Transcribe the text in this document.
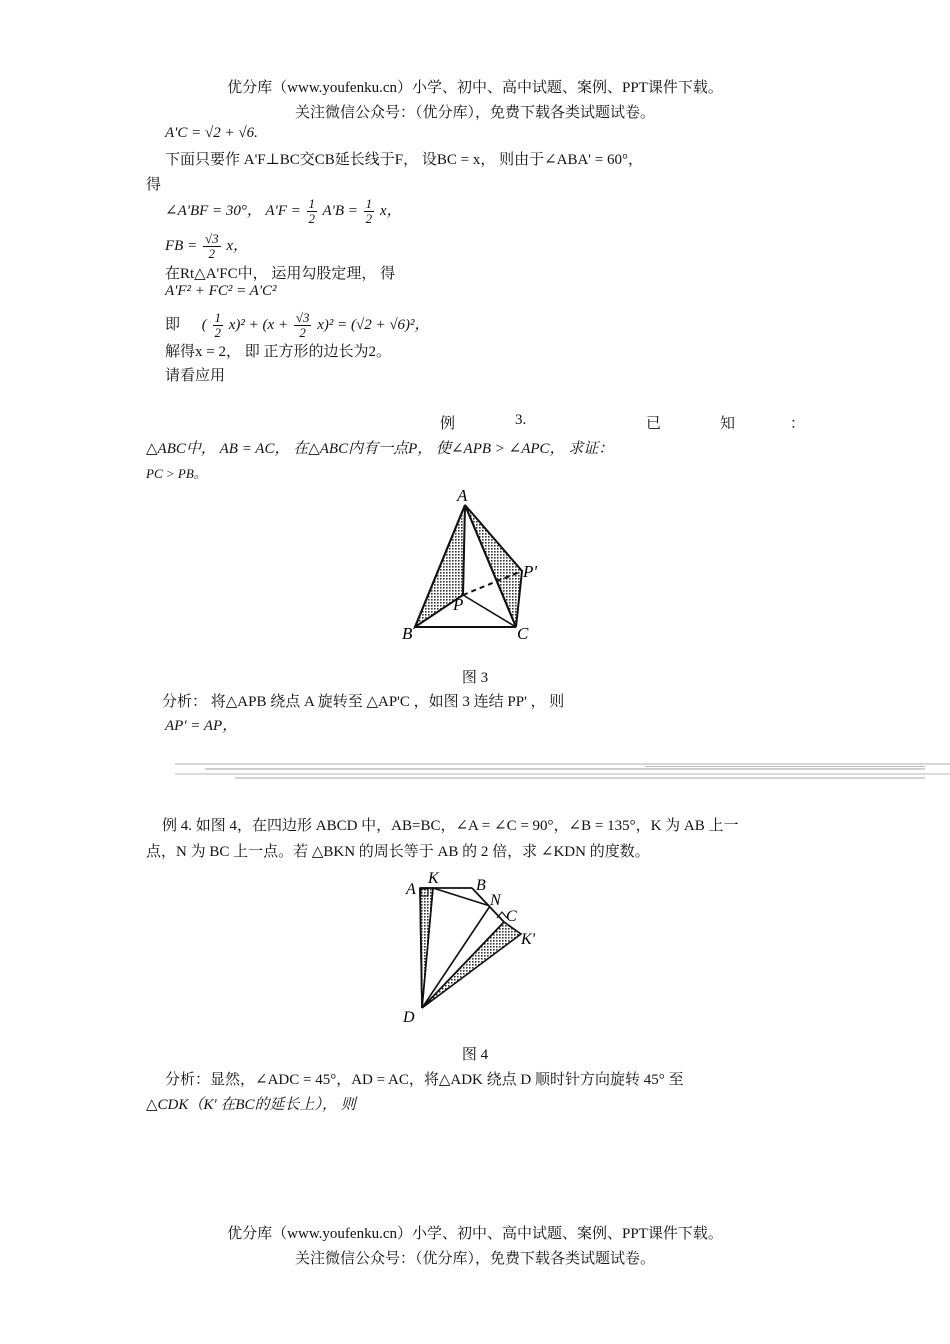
优分库（www.youfenku.cn）小学、初中、高中试题、案例、PPT课件下载。
关注微信公众号：（优分库），免费下载各类试题试卷。
A'C = √2 + √6.
下面只要作 A'F⊥BC交CB延长线于F， 设BC = x， 则由于∠ABA' = 60°，
得
∠A'BF = 30°， $A'F = \frac{1}{2} A'B = \frac{1}{2}$ x，
FB = $\frac{√3}{2}$ x，
在Rt△A'FC中， 运用勾股定理， 得
A'F² + FC² = A'C²
即 ( $\frac{1}{2} x)^2 + (x + \frac{√3}{2} x)^2 = (√2 + √6)^2$，
解得x = 2， 即 正方形的边长为2。
请看应用
例	3.	已	知	：
△ABC中， AB = AC， 在△ABC内有一点P， 使∠APB > ∠APC， 求证：
PC > PB。
A
B	C
P
P'
图 3
分析： 将△APB 绕点 A 旋转至 △AP'C ，如图 3 连结 PP' ， 则
AP' = AP，
例 4. 如图 4，在四边形 ABCD 中，AB=BC，∠A = ∠C = 90°，∠B = 135°，K 为 AB 上一
点，N 为 BC 上一点。若 △BKN 的周长等于 AB 的 2 倍，求 ∠KDN 的度数。
A
K B
N
C
K'
D
图 4
分析：显然，∠ADC = 45°，AD = AC，将△ADK 绕点 D 顺时针方向旋转 45° 至
△CDK（K' 在BC的延长上）， 则
优分库（www.youfenku.cn）小学、初中、高中试题、案例、PPT课件下载。
关注微信公众号：（优分库），免费下载各类试题试卷。
